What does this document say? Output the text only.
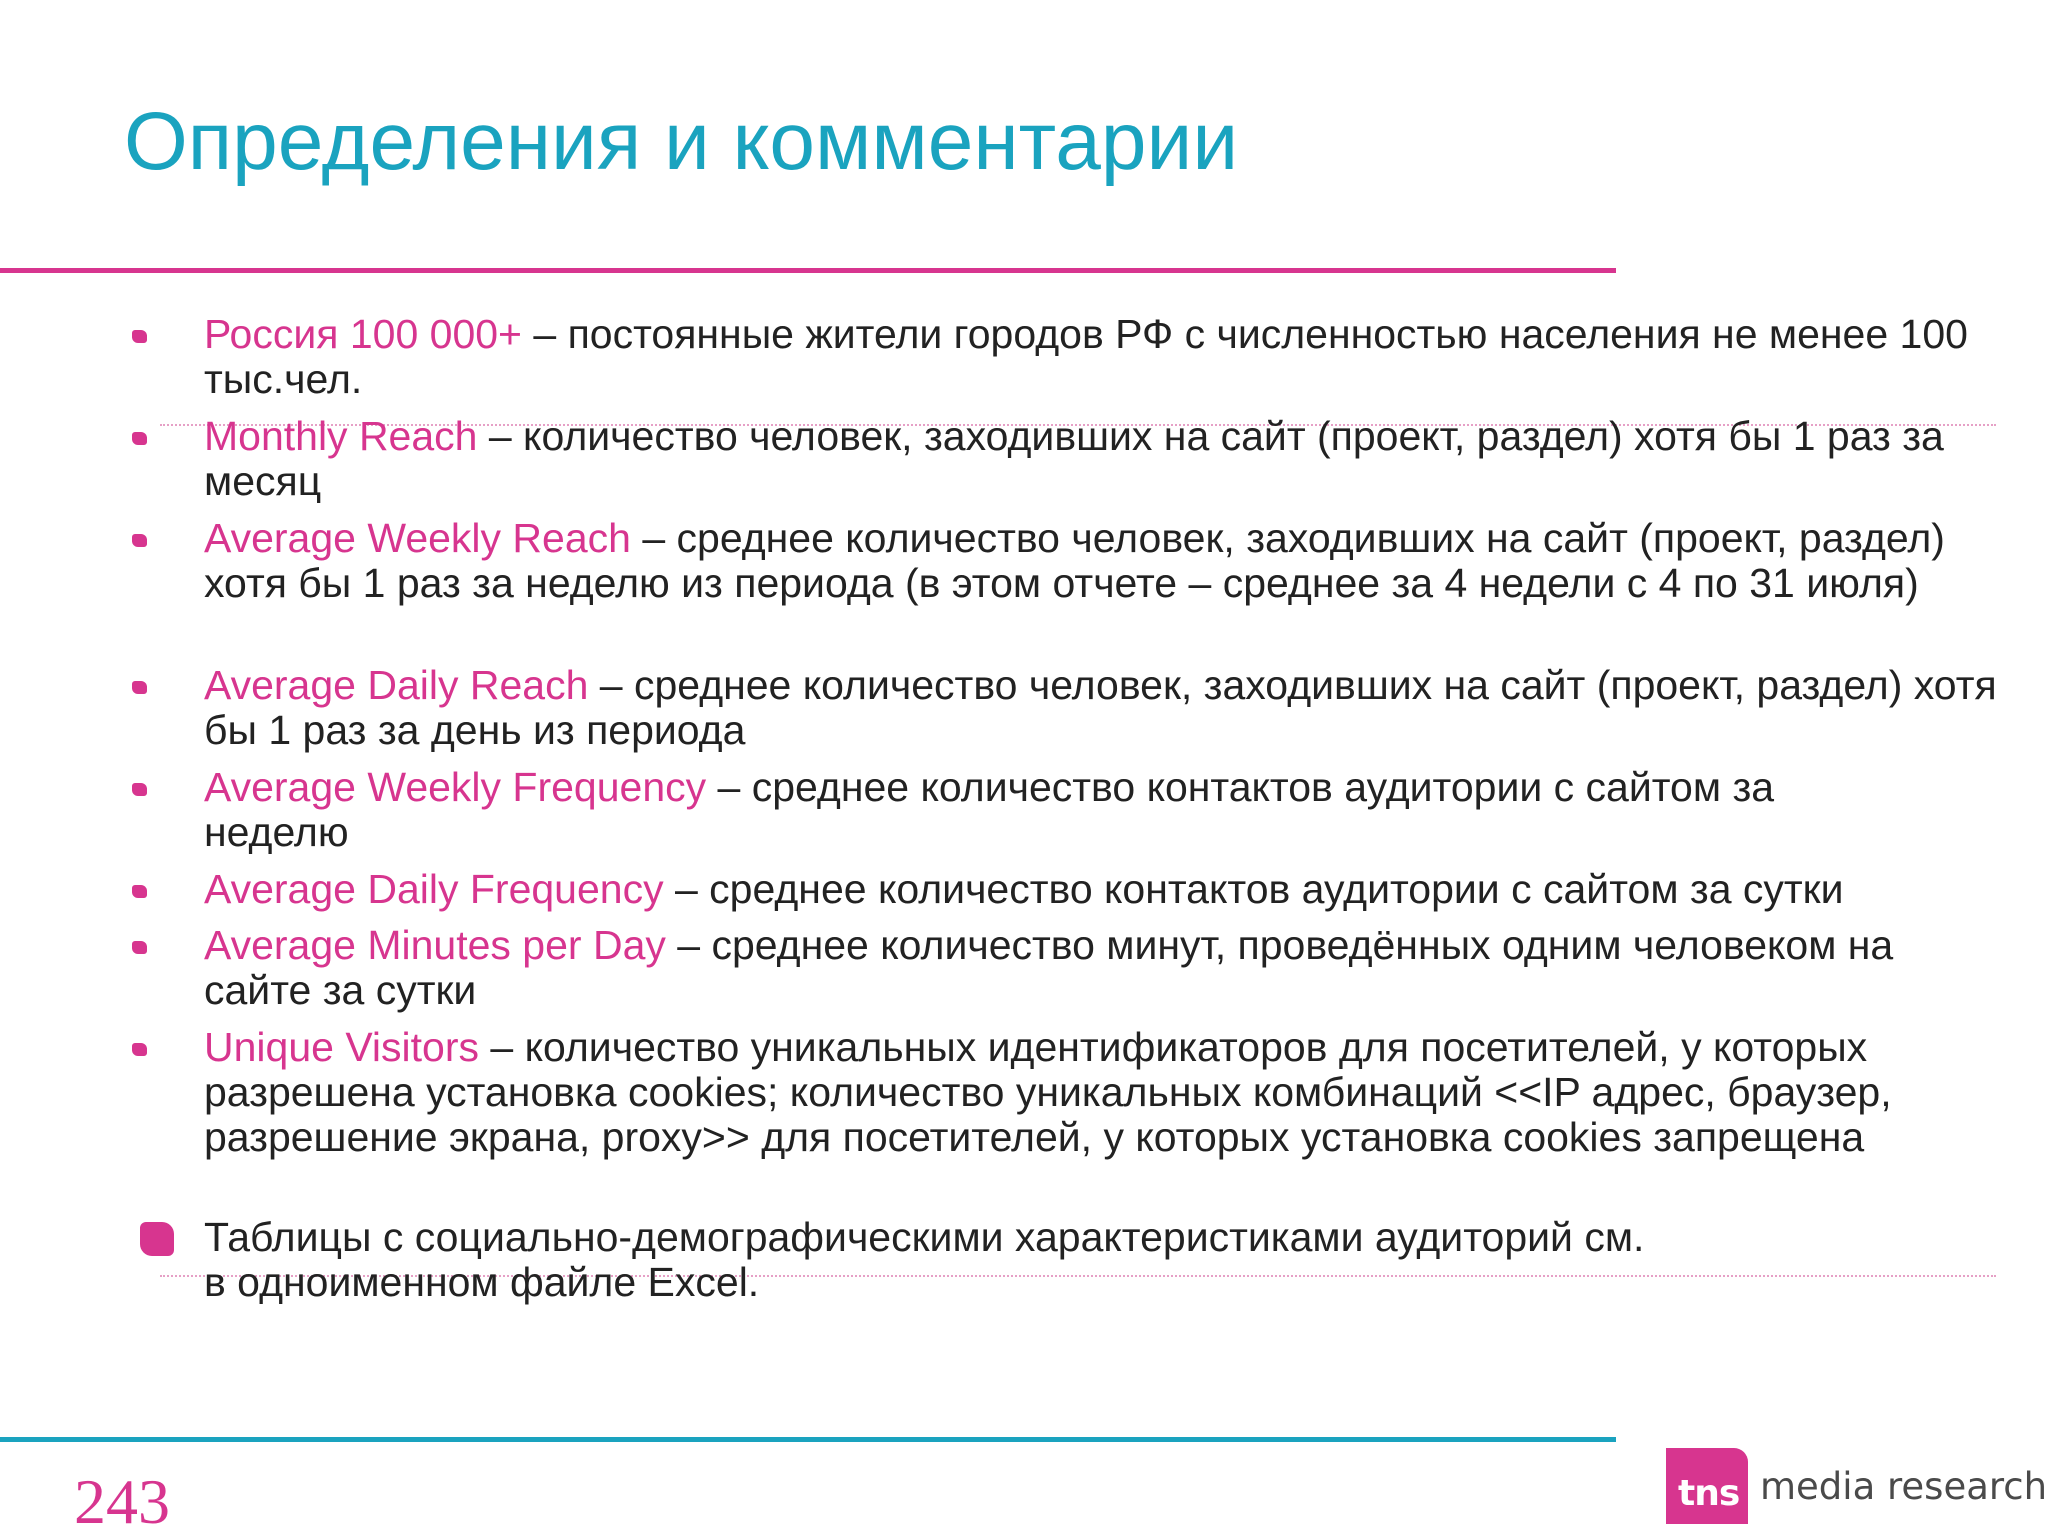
Определения и комментарии
Россия 100 000+ – постоянные жители городов РФ с численностью населения не менее 100 тыс.чел.
Monthly Reach – количество человек, заходивших на сайт (проект, раздел) хотя бы 1 раз за месяц
Average Weekly Reach – среднее количество человек, заходивших на сайт (проект, раздел) хотя бы 1 раз за неделю из периода (в этом отчете – среднее за 4 недели с 4 по 31 июля)
Average Daily Reach – среднее количество человек, заходивших на сайт (проект, раздел) хотя бы 1 раз за день из периода
Average Weekly Frequency – среднее количество контактов аудитории с сайтом за неделю
Average Daily Frequency – среднее количество контактов аудитории с сайтом за сутки
Average Minutes per Day – среднее количество минут, проведённых одним человеком на сайте за сутки
Unique Visitors – количество уникальных идентификаторов для посетителей, у которых разрешена установка cookies; количество уникальных комбинаций <<IP адрес, браузер, разрешение экрана, proxy>> для посетителей, у которых установка cookies запрещена
Таблицы с социально-демографическими характеристиками аудиторий см. в одноименном файле Excel.
243	tns media research
